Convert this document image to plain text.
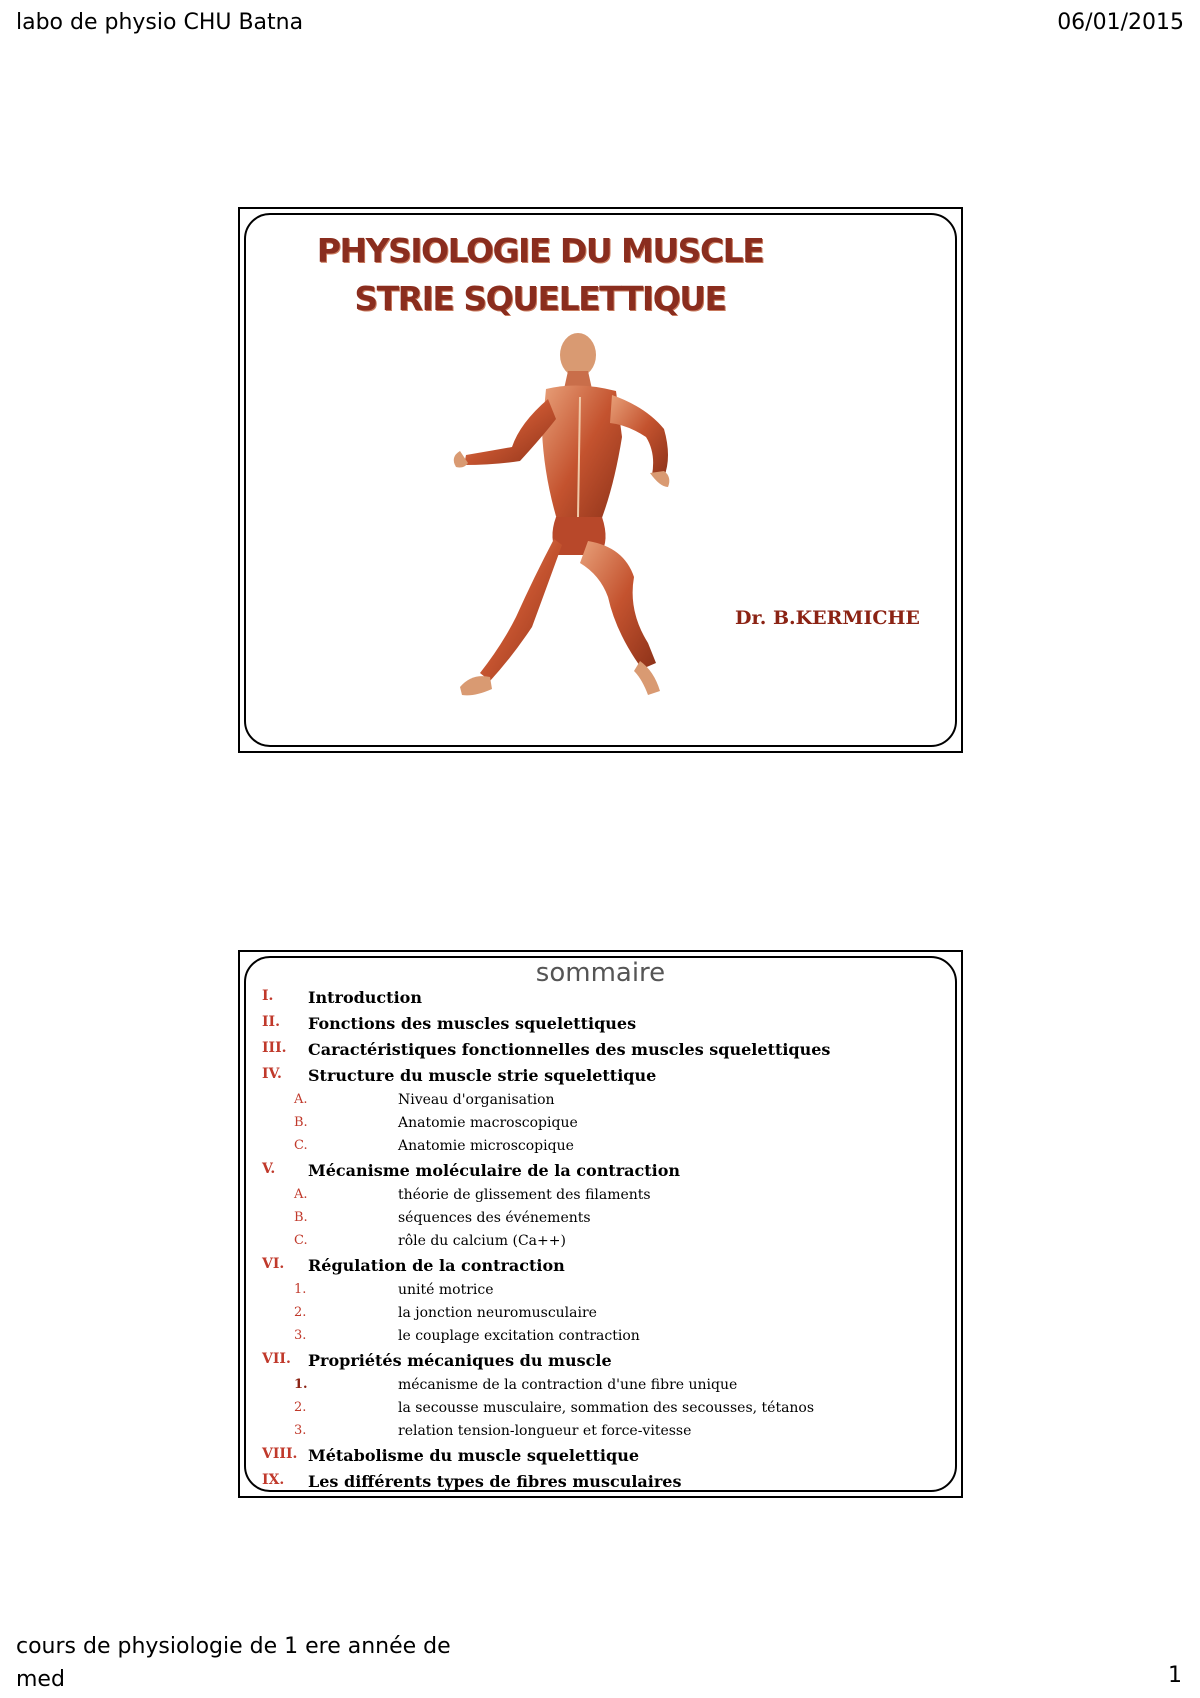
labo de physio CHU Batna	06/01/2015
PHYSIOLOGIE DU MUSCLE
STRIE SQUELETTIQUE
Dr. B.KERMICHE
sommaire
I. Introduction
II. Fonctions des muscles squelettiques
III. Caractéristiques fonctionnelles des muscles squelettiques
IV. Structure du muscle strie squelettique
A.	Niveau d'organisation
B.	Anatomie macroscopique
C.	Anatomie microscopique
V. Mécanisme moléculaire de la contraction
A.	théorie de glissement des filaments
B.	séquences des événements
C.	rôle du calcium (Ca++)
VI. Régulation de la contraction
1.	unité motrice
2.	la jonction neuromusculaire
3.	le couplage excitation contraction
VII. Propriétés mécaniques du muscle
1.	mécanisme de la contraction d'une fibre unique
2.	la secousse musculaire, sommation des secousses, tétanos
3.	relation tension-longueur et force-vitesse
VIII. Métabolisme du muscle squelettique
IX. Les différents types de fibres musculaires
cours de physiologie de 1 ere année de med	1
